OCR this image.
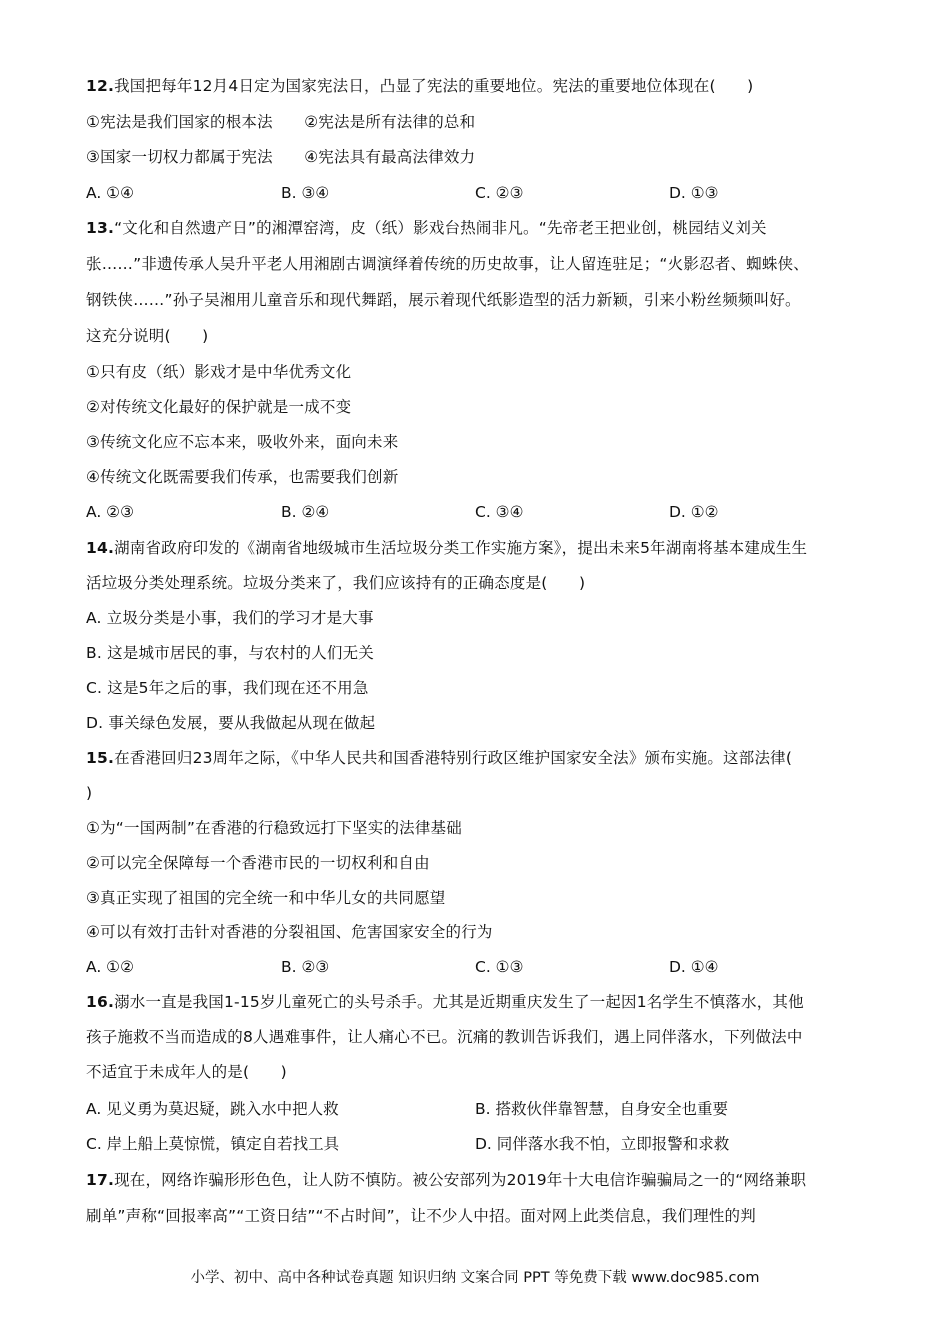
12.我国把每年12月4日定为国家宪法日，凸显了宪法的重要地位。宪法的重要地位体现在(　　)
①宪法是我们国家的根本法　　②宪法是所有法律的总和
③国家一切权力都属于宪法　　④宪法具有最高法律效力
A. ①④	B. ③④	C. ②③	D. ①③
13.“文化和自然遗产日”的湘潭窑湾，皮（纸）影戏台热闹非凡。“先帝老王把业创，桃园结义刘关
张……”非遗传承人吴升平老人用湘剧古调演绎着传统的历史故事，让人留连驻足；“火影忍者、蜘蛛侠、
钢铁侠……”孙子吴湘用儿童音乐和现代舞蹈，展示着现代纸影造型的活力新颖，引来小粉丝频频叫好。
这充分说明(　　)
①只有皮（纸）影戏才是中华优秀文化
②对传统文化最好的保护就是一成不变
③传统文化应不忘本来，吸收外来，面向未来
④传统文化既需要我们传承，也需要我们创新
A. ②③	B. ②④	C. ③④	D. ①②
14.湖南省政府印发的《湖南省地级城市生活垃圾分类工作实施方案》，提出未来5年湖南将基本建成生生
活垃圾分类处理系统。垃圾分类来了，我们应该持有的正确态度是(　　)
A. 立圾分类是小事，我们的学习才是大事
B. 这是城市居民的事，与农村的人们无关
C. 这是5年之后的事，我们现在还不用急
D. 事关绿色发展，要从我做起从现在做起
15.在香港回归23周年之际，《中华人民共和国香港特别行政区维护国家安全法》颁布实施。这部法律(
)
①为“一国两制”在香港的行稳致远打下坚实的法律基础
②可以完全保障每一个香港市民的一切权利和自由
③真正实现了祖国的完全统一和中华儿女的共同愿望
④可以有效打击针对香港的分裂祖国、危害国家安全的行为
A. ①②	B. ②③	C. ①③	D. ①④
16.溺水一直是我国1-15岁儿童死亡的头号杀手。尤其是近期重庆发生了一起因1名学生不慎落水，其他
孩子施救不当而造成的8人遇难事件，让人痛心不已。沉痛的教训告诉我们，遇上同伴落水，下列做法中
不适宜于未成年人的是(　　)
A. 见义勇为莫迟疑，跳入水中把人救	B. 搭救伙伴靠智慧，自身安全也重要
C. 岸上船上莫惊慌，镇定自若找工具	D. 同伴落水我不怕，立即报警和求救
17.现在，网络诈骗形形色色，让人防不慎防。被公安部列为2019年十大电信诈骗骗局之一的“网络兼职
刷单”声称“回报率高”“工资日结”“不占时间”，让不少人中招。面对网上此类信息，我们理性的判
小学、初中、高中各种试卷真题 知识归纳 文案合同 PPT 等免费下载 www.doc985.com
